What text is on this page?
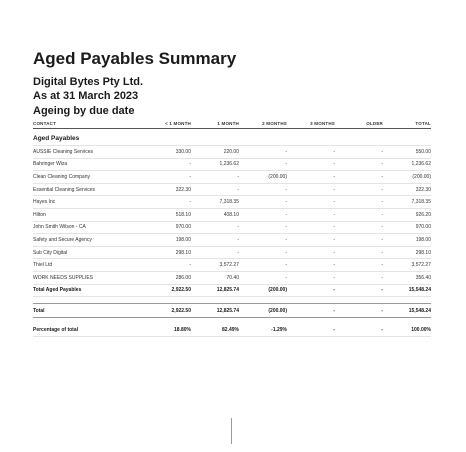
Aged Payables Summary
Digital Bytes Pty Ltd.
As at 31 March 2023
Ageing by due date
CONTACT	< 1 MONTH	1 MONTH	2 MONTHS	3 MONTHS	OLDER	TOTAL
Aged Payables						
AUSSIE Cleaning Services	330.00	220.00	-	-	-	550.00
Bahringer Wiza	-	1,236.62	-	-	-	1,236.62
Clean Cleaning Company	-	-	(200.00)	-	-	(200.00)
Essential Cleaning Services	322.30	-	-	-	-	322.30
Hayes Inc	-	7,318.35	-	-	-	7,318.35
Hilton	518.10	408.10	-	-	-	926.20
John Smith Wilson - CA	970.00	-	-	-	-	970.00
Safety and Secure Agency	198.00	-	-	-	-	198.00
Sub City Digital	298.10	-	-	-	-	298.10
Thiel Ltd	-	3,572.27	-	-	-	3,572.27
WORK NEEDS SUPPLIES	286.00	70.40	-	-	-	356.40
Total Aged Payables	2,922.50	12,825.74	(200.00)	-	-	15,548.24

Total	2,922.50	12,825.74	(200.00)	-	-	15,548.24

Percentage of total	18.80%	82.49%	-1.29%	-	-	100.00%
